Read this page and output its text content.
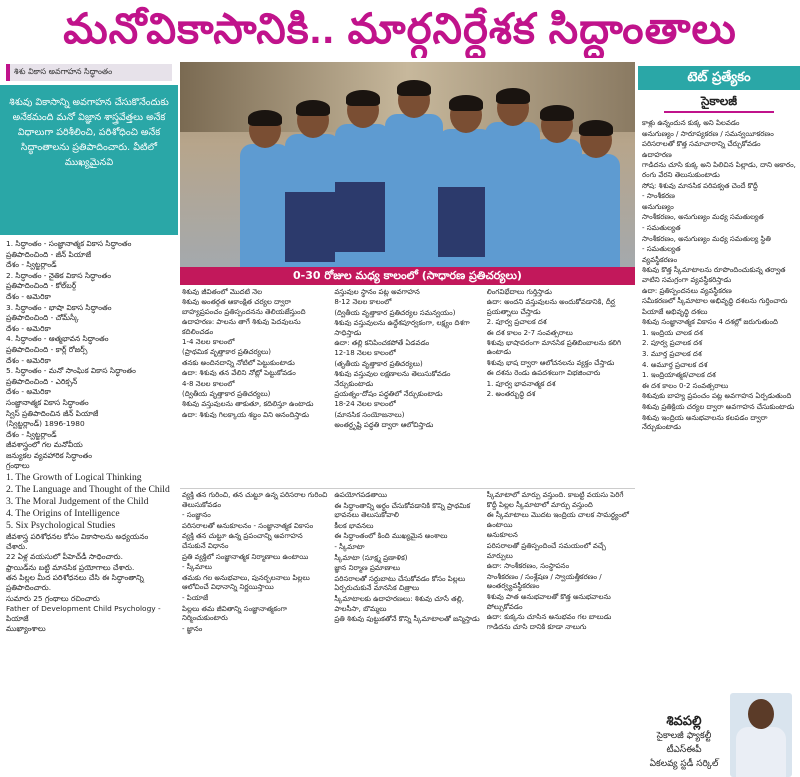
మనోవికాసానికి.. మార్గనిర్దేశక సిద్ధాంతాలు
శిశు వికాస అవగాహన సిద్ధాంతం
శిశువు వికాసాన్ని అవగాహన చేసుకొనేందుకు అనేకమంది మనో విజ్ఞాన శాస్త్రవేత్తలు అనేక విధాలుగా పరిశీలించి, పరిశోధించి అనేక సిద్ధాంతాలను ప్రతిపాదించారు. వీటిలో ముఖ్యమైనవి
1. సిద్ధాంతం - సంజ్ఞానాత్మక వికాస సిద్ధాంతం
ప్రతిపాదించింది - జీన్ పియాజే
దేశం - స్విట్జర్లాండ్
2. సిద్ధాంతం - నైతిక వికాస సిద్ధాంతం
ప్రతిపాదించింది - కోల్‌బర్గ్
దేశం - అమెరికా
3. సిద్ధాంతం - భాషా వికాస సిద్ధాంతం
ప్రతిపాదించింది - చోమ్‌స్కీ
దేశం - అమెరికా
4. సిద్ధాంతం - ఆత్మభావన సిద్ధాంతం
ప్రతిపాదించింది - కార్ల్ రోజర్స్
దేశం - అమెరికా
5. సిద్ధాంతం - మనో సాంఘిక వికాస సిద్ధాంతం
ప్రతిపాదించింది - ఎరిక్సన్
దేశం - అమెరికా
సంజ్ఞానాత్మక వికాస సిద్ధాంతం
స్విస్ ప్రతిపాదించిన జీన్ పియాజే
(స్విట్జర్లాండ్) 1896-1980
దేశం - స్విట్జర్లాండ్
జీవశాస్త్రంలో గల మనోవీయ
జన్యుకల వ్యవహారిక సిద్ధాంతం
గ్రంథాలు
1. The Growth of Logical Thinking
2. The Language and Thought of the Child
3. The Moral Judgement of the Child
4. The Origins of Intelligence
5. Six Psychological Studies
జీవశాస్త్ర పరిశోధనల కోసం వికాసాలను అధ్యయనం చేశారు.
22 ఏళ్ల వయసులో పీహెచ్‌డీ సాధించారు.
ఫ్రాయిడ్‌ను బట్టి మానసిక ప్రయోగాలు చేశారు.
తన పిల్లల మీద పరిశోధనలు చేసి ఈ సిద్ధాంతాన్ని ప్రతిపాదించారు.
సుమారు 25 గ్రంథాలు రచించారు
Father of Development Child Psychology - పియాజే
ముఖ్యాంశాలు
0-30 రోజుల మధ్య కాలంలో (సాధారణ ప్రతిచర్యలు)

శిశువు జీవితంలో మొదటి నెల

శిశువు అంతర్గత ఆకాంక్షిత చర్యల ద్వారా బాహ్యప్రపంచం ప్రతిస్పందనను తెలియజేస్తుంది

ఉదాహరణ: పాలను తాగే శిశువు పెదవులను కదిలించడం

1-4 నెలల కాలంలో

(ప్రాథమిక వృత్తాకార ప్రతిచర్యలు)

తనకు అందినదాన్ని నోటిలో పెట్టుకుంటాడు

ఉదా: శిశువు తన వేలిని నోట్లో పెట్టుకోవడం

4-8 నెలల కాలంలో

(ద్వితీయ వృత్తాకార ప్రతిచర్యలు)

శిశువు వస్తువులను తాకుతూ, కదిలిస్తూ ఉంటాడు

ఉదా: శిశువు గిలక్కాయ శబ్దం విని ఆనందిస్తాడు

వస్తువుల స్థానం పట్ల అవగాహన

8-12 నెలల కాలంలో

(ద్వితీయ వృత్తాకార ప్రతిచర్యల సమన్వయం)

శిశువు వస్తువులను ఉద్దేశపూర్వకంగా, లక్ష్యం దిశగా సాధిస్తాడు

ఉదా: తల్లి కనిపించకపోతే ఏడవడం

12-18 నెలల కాలంలో

(తృతీయ వృత్తాకార ప్రతిచర్యలు)

శిశువు వస్తువుల లక్షణాలను తెలుసుకోవడం నేర్చుకుంటాడు

ప్రయత్నం-దోషం పద్ధతిలో నేర్చుకుంటాడు

18-24 నెలల కాలంలో

(మానసిక సంయోజనాలు)

అంతర్దృష్టి పద్ధతి ద్వారా ఆలోచిస్తాడు

లింగవిభేదాలు గుర్తిస్తాడు

ఉదా: అందని వస్తువులను అందుకోవడానికి, దీర్ఘ ప్రయత్నాలు చేస్తాడు

2. పూర్వ ప్రచాలక దశ

ఈ దశ కాలం 2-7 సంవత్సరాలు

శిశువు భాషాపరంగా మానసిక ప్రతిబింబాలను కలిగి ఉంటాడు

శిశువు భాష ద్వారా ఆలోచనలను వ్యక్తం చేస్తాడు

ఈ దశను రెండు ఉపదశలుగా విభజించారు

1. పూర్వ భావనాత్మక దశ

2. అంతర్బుద్ధి దశ

వ్యక్తి తన గురించి, తన చుట్టూ ఉన్న పరిసరాల గురించి తెలుసుకోవడం

- సంజ్ఞానం

పరిసరాలతో అనుకూలనం - సంజ్ఞానాత్మక వికాసం

వ్యక్తి తన చుట్టూ ఉన్న ప్రపంచాన్ని అవగాహన చేసుకునే విధానం

ప్రతి వ్యక్తిలో సంజ్ఞానాత్మక నిర్మాణాలు ఉంటాయి

- స్కీమాలు

తమకు గల అనుభవాలు, పునర్బలనాలు పిల్లలు ఆలోచించే విధానాన్ని నిర్ణయిస్తాయి

- పియాజే

పిల్లలు తమ జీవితాన్ని సంజ్ఞానాత్మకంగా నిర్మించుకుంటారు

- జ్ఞానం

ఉపయోగపడతాయి

ఈ సిద్ధాంతాన్ని అర్థం చేసుకోవడానికి కొన్ని ప్రాథమిక భావనలు తెలుసుకోవాలి

కీలక భావనలు

ఈ సిద్ధాంతంలో కింది ముఖ్యమైన అంశాలు

- స్కీమాటా

స్కీమాటా (సూక్ష్మ ప్రణాళిక)

జ్ఞాన నిర్మాణ ప్రమాణాలు

పరిసరాలతో సర్దుబాటు చేసుకోవడం కోసం పిల్లలు ఏర్పరుచుకునే మానసిక చిత్రాలు

స్కీమాటాలకు ఉదాహరణలు: శిశువు చూసే తల్లి, పాలసీసా, బొమ్మలు

ప్రతి శిశువు పుట్టుకతోనే కొన్ని స్కీమాటాలతో జన్మిస్తాడు

స్కీమాటాలో మార్పు వస్తుంది. కాబట్టి వయసు పెరిగే కొద్దీ పిల్లల స్కీమాటాలో మార్పు వస్తుంది

ఈ స్కీమాటాలు మొదట ఇంద్రియ చాలక సామర్థ్యంలో ఉంటాయి

అనుకూలన

పరిసరాలతో ప్రతిస్పందించే సమయంలో వచ్చే మార్పులు

ఉదా: సాంశీకరణం, సంస్థాపనం

సాంశీకరణం / సంశ్లేషణ / స్వాయత్తీకరణం / అంతర్వ్యవస్థీకరణం

శిశువు పాత అనుభవాలతో కొత్త అనుభవాలను పోల్చుకోవడం

ఉదా: కుక్కను చూసిన అనుభవం గల బాలుడు గాడిదను చూసి దానికి కూడా నాలుగు

టెట్ ప్రత్యేకం
సైకాలజీ

కాళ్లు ఉన్నందున కుక్క అని పిలవడం

అనుగుణ్యం / సారూప్యకరణ / సమన్వయీకరణం

పరిసరాలతో కొత్త సమాచారాన్ని చేర్చుకోవడం

ఉదాహరణ

గాడిదను చూసి కుక్క అని పిలిచిన పిల్లాడు, దాని ఆకారం, రంగు వేరని తెలుసుకుంటాడు

సోష: శిశువు మానసిక పరిపక్వత చెందే కొద్దీ

- సాంశీకరణ

అనుగుణ్యం

సాంశీకరణం, అనుగుణ్యం మధ్య సమతుల్యత

- సమతుల్యత

సాంశీకరణం, అనుగుణ్యం మధ్య సమతుల్య స్థితి

- సమతుల్యత

వ్యవస్థీకరణం

శిశువు కొత్త స్కీమాటాలను రూపొందించుకున్న తర్వాత వాటిని సమగ్రంగా వ్యవస్థీకరిస్తాడు

ఉదా: ప్రతిస్పందనలు వ్యవస్థీకరణ

సమీకరణలో స్కీమాటాల అభివృద్ధి దశలను గుర్తించారు

పియాజే అభివృద్ధి దశలు

శిశువు సంజ్ఞానాత్మక వికాసం 4 దశల్లో జరుగుతుంది

1. ఇంద్రియ చాలక దశ

2. పూర్వ ప్రచాలక దశ

3. మూర్త ప్రచాలక దశ

4. అమూర్త ప్రచాలక దశ

1. ఇంద్రియాత్మక/చాలక దశ

ఈ దశ కాలం 0-2 సంవత్సరాలు

శిశువుకు బాహ్య ప్రపంచం పట్ల అవగాహన ఏర్పడుతుంది

శిశువు ప్రతిక్రియ చర్యల ద్వారా అవగాహన చేసుకుంటాడు

శిశువు ఇంద్రియ అనుభవాలను కలపడం ద్వారా నేర్చుకుంటాడు

శివపల్లి
సైకాలజీ ఫ్యాకల్టీ
టీఎస్‌ఈపీ
ఏకలవ్య స్టడీ సర్కిల్
